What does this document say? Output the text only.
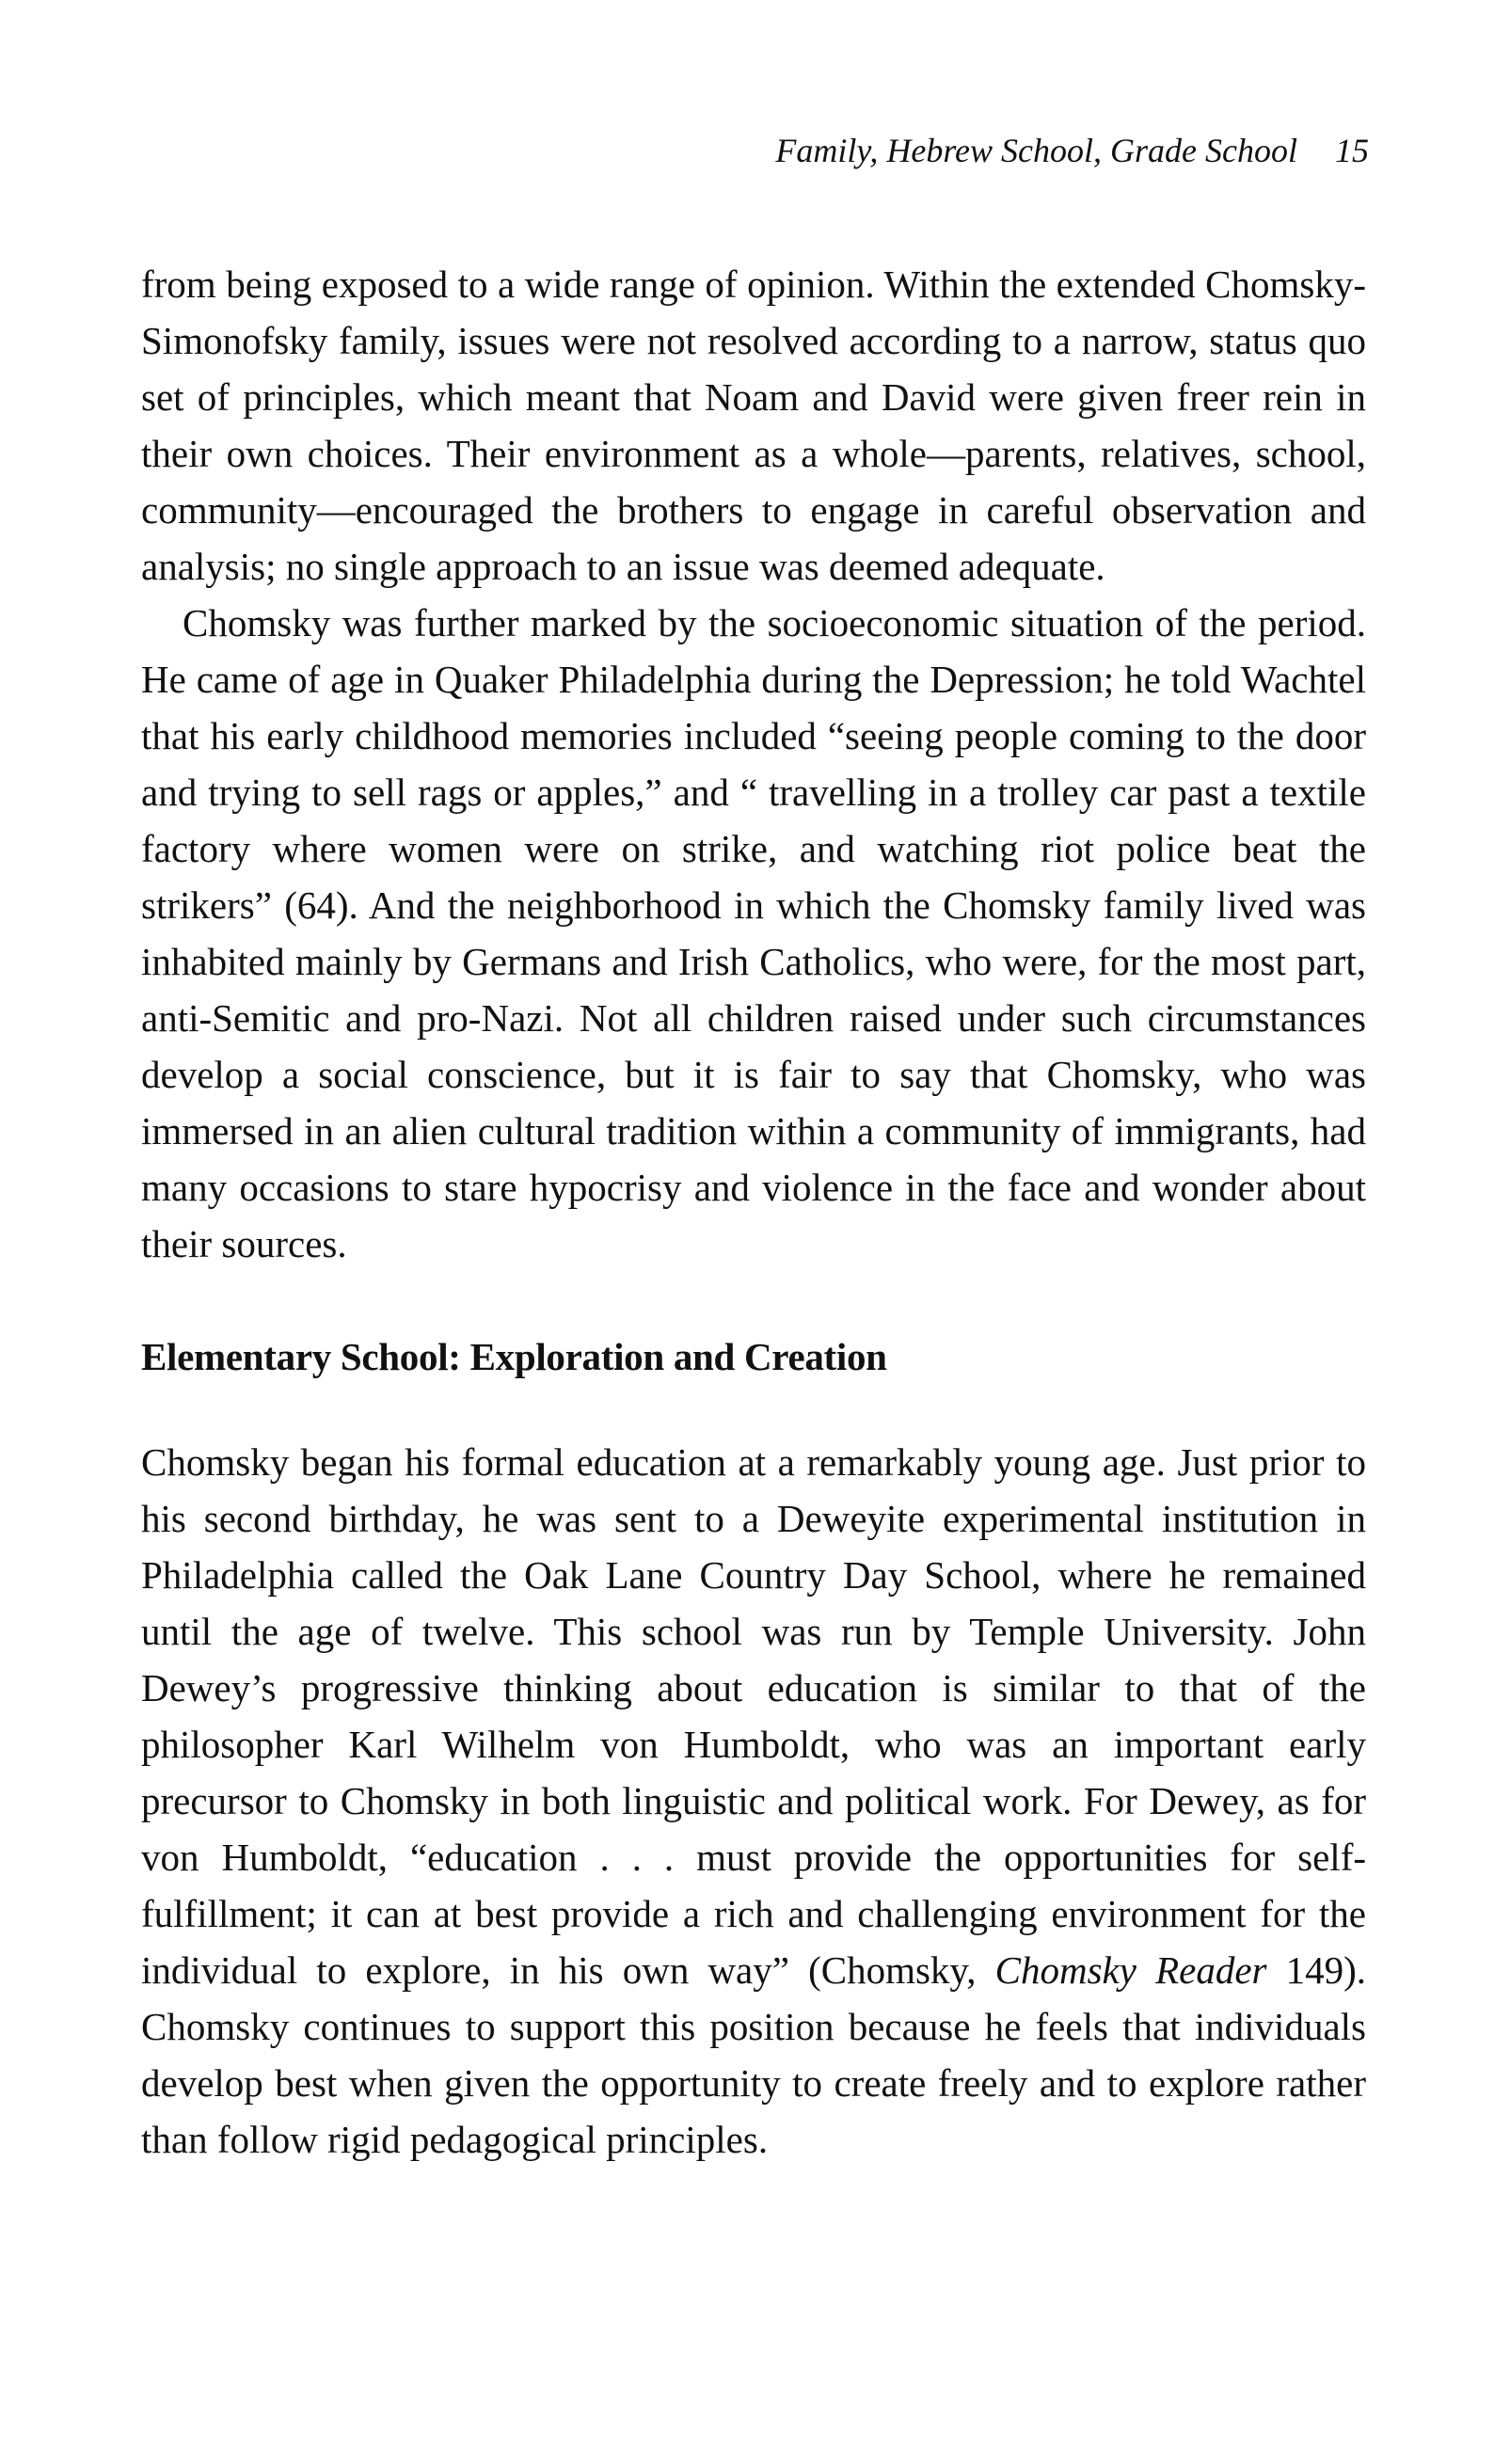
Family, Hebrew School, Grade School 15

from being exposed to a wide range of opinion. Within the extended Chomsky-Simonofsky family, issues were not resolved according to a narrow, status quo set of principles, which meant that Noam and David were given freer rein in their own choices. Their environment as a whole—parents, relatives, school, community—encouraged the brothers to engage in careful observation and analysis; no single approach to an issue was deemed adequate.

Chomsky was further marked by the socioeconomic situation of the period. He came of age in Quaker Philadelphia during the Depression; he told Wachtel that his early childhood memories included “seeing people coming to the door and trying to sell rags or apples,” and “ travelling in a trolley car past a textile factory where women were on strike, and watching riot police beat the strikers” (64). And the neighborhood in which the Chomsky family lived was inhabited mainly by Germans and Irish Catholics, who were, for the most part, anti-Semitic and pro-Nazi. Not all children raised under such circumstances develop a social conscience, but it is fair to say that Chomsky, who was immersed in an alien cultural tradition within a community of immigrants, had many occasions to stare hypocrisy and violence in the face and wonder about their sources.

Elementary School: Exploration and Creation

Chomsky began his formal education at a remarkably young age. Just prior to his second birthday, he was sent to a Deweyite experimental institution in Philadelphia called the Oak Lane Country Day School, where he remained until the age of twelve. This school was run by Temple University. John Dewey’s progressive thinking about education is similar to that of the philosopher Karl Wilhelm von Humboldt, who was an important early precursor to Chomsky in both linguistic and political work. For Dewey, as for von Humboldt, “education . . . must provide the opportunities for self-fulfillment; it can at best provide a rich and challenging environment for the individual to explore, in his own way” (Chomsky, Chomsky Reader 149). Chomsky continues to support this position because he feels that individuals develop best when given the opportunity to create freely and to explore rather than follow rigid pedagogical principles.
